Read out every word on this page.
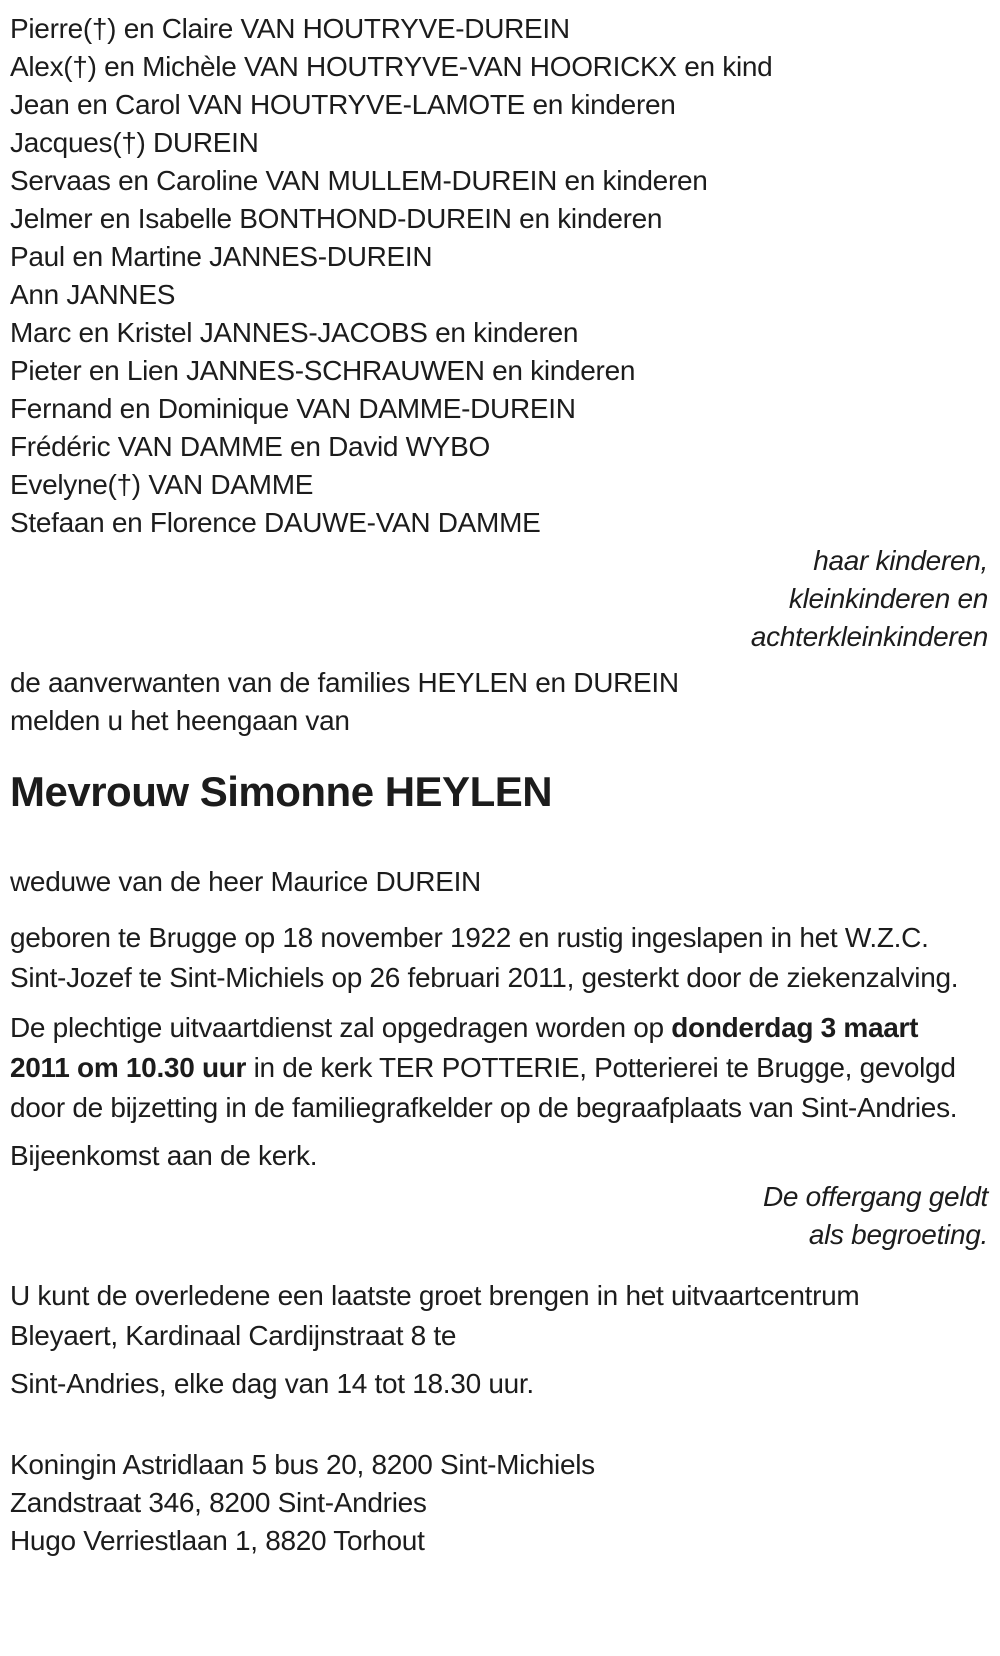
Pierre(†) en Claire VAN HOUTRYVE-DUREIN
Alex(†) en Michèle VAN HOUTRYVE-VAN HOORICKX en kind
Jean en Carol VAN HOUTRYVE-LAMOTE en kinderen
Jacques(†) DUREIN
Servaas en Caroline VAN MULLEM-DUREIN en kinderen
Jelmer en Isabelle BONTHOND-DUREIN en kinderen
Paul en Martine JANNES-DUREIN
Ann JANNES
Marc en Kristel JANNES-JACOBS en kinderen
Pieter en Lien JANNES-SCHRAUWEN en kinderen
Fernand en Dominique VAN DAMME-DUREIN
Frédéric VAN DAMME en David WYBO
Evelyne(†) VAN DAMME
Stefaan en Florence DAUWE-VAN DAMME
haar kinderen,
kleinkinderen en
achterkleinkinderen
de aanverwanten van de families HEYLEN en DUREIN
melden u het heengaan van
Mevrouw Simonne HEYLEN

weduwe van de heer Maurice DUREIN

geboren te Brugge op 18 november 1922 en rustig ingeslapen in het W.Z.C. Sint-Jozef te Sint-Michiels op 26 februari 2011, gesterkt door de ziekenzalving.

De plechtige uitvaartdienst zal opgedragen worden op donderdag 3 maart 2011 om 10.30 uur in de kerk TER POTTERIE, Potterierei te Brugge, gevolgd door de bijzetting in de familiegrafkelder op de begraafplaats van Sint-Andries.

Bijeenkomst aan de kerk.

De offergang geldt
als begroeting.

U kunt de overledene een laatste groet brengen in het uitvaartcentrum Bleyaert, Kardinaal Cardijnstraat 8 te

Sint-Andries, elke dag van 14 tot 18.30 uur.

Koningin Astridlaan 5 bus 20, 8200 Sint-Michiels
Zandstraat 346, 8200 Sint-Andries
Hugo Verriestlaan 1, 8820 Torhout
